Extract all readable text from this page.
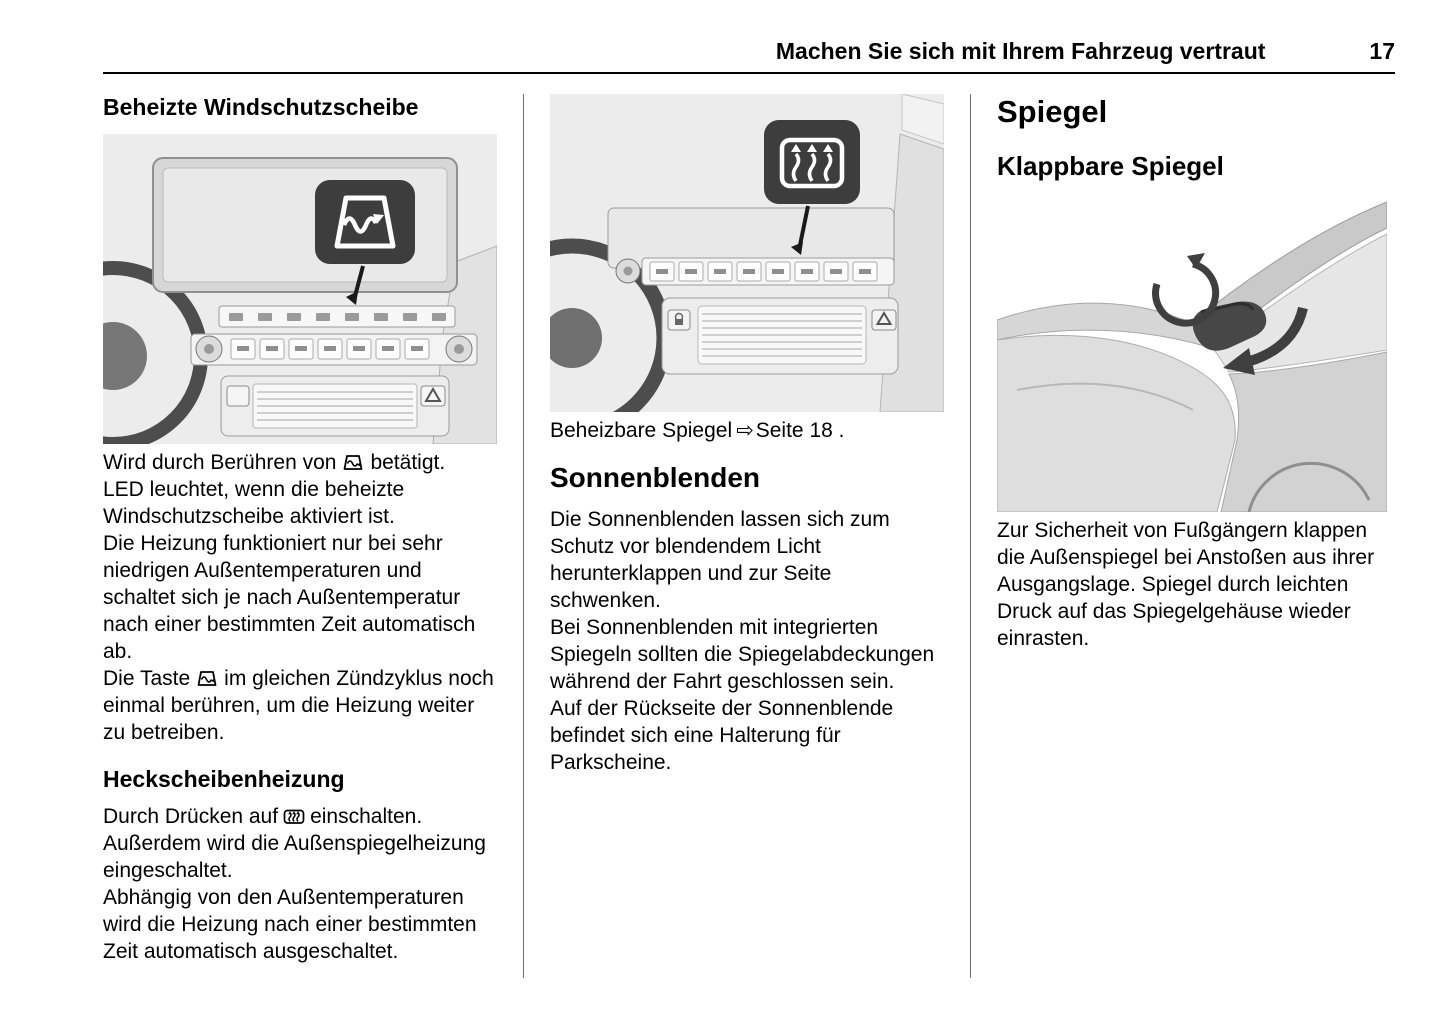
Machen Sie sich mit Ihrem Fahrzeug vertraut	17
Beheizte Windschutzscheibe

Wird durch Berühren von betätigt.

LED leuchtet, wenn die beheizte Windschutzscheibe aktiviert ist.

Die Heizung funktioniert nur bei sehr niedrigen Außentemperaturen und schaltet sich je nach Außentemperatur nach einer bestimmten Zeit automatisch ab.

Die Taste im gleichen Zündzyklus noch einmal berühren, um die Heizung weiter zu betreiben.

Heckscheibenheizung

Durch Drücken auf einschalten. Außerdem wird die Außenspiegelheizung eingeschaltet.

Abhängig von den Außentemperaturen wird die Heizung nach einer bestimmten Zeit automatisch ausgeschaltet.

Beheizbare Spiegel ⇨Seite 18 .

Sonnenblenden

Die Sonnenblenden lassen sich zum Schutz vor blendendem Licht herunterklappen und zur Seite schwenken.

Bei Sonnenblenden mit integrierten Spiegeln sollten die Spiegelabdeckungen während der Fahrt geschlossen sein.

Auf der Rückseite der Sonnenblende befindet sich eine Halterung für Parkscheine.

Spiegel
Klappbare Spiegel

Zur Sicherheit von Fußgängern klappen die Außenspiegel bei Anstoßen aus ihrer Ausgangslage. Spiegel durch leichten Druck auf das Spiegelgehäuse wieder einrasten.
